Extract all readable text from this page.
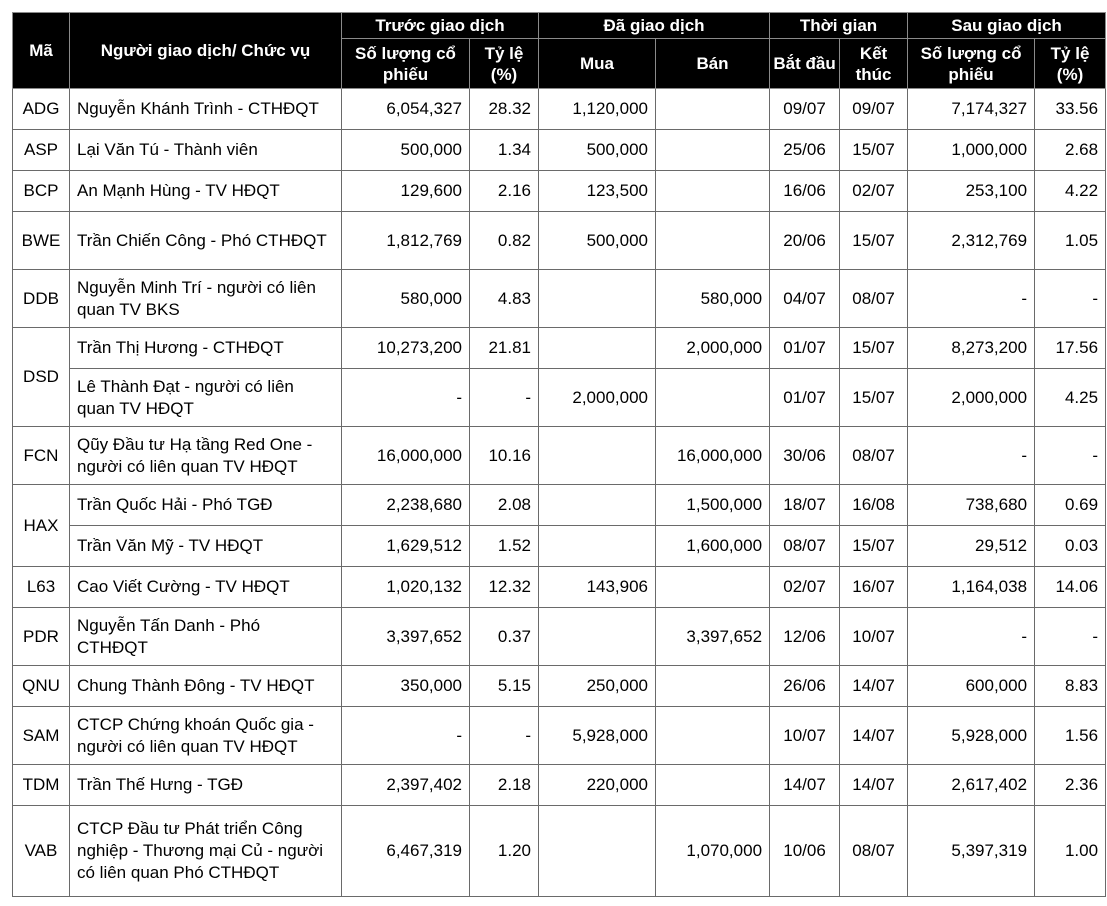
Mã	Người giao dịch/ Chức vụ	Trước giao dịch		Đã giao dịch		Thời gian		Sau giao dịch	
		Số lượng cổ phiếu	Tỷ lệ (%)	Mua	Bán	Bắt đầu	Kết thúc	Số lượng cổ phiếu	Tỷ lệ (%)
ADG	Nguyễn Khánh Trình - CTHĐQT	6,054,327	28.32	1,120,000		09/07	09/07	7,174,327	33.56
ASP	Lại Văn Tú - Thành viên	500,000	1.34	500,000		25/06	15/07	1,000,000	2.68
BCP	An Mạnh Hùng - TV HĐQT	129,600	2.16	123,500		16/06	02/07	253,100	4.22
BWE	Trần Chiến Công - Phó CTHĐQT	1,812,769	0.82	500,000		20/06	15/07	2,312,769	1.05
DDB	Nguyễn Minh Trí - người có liên quan TV BKS	580,000	4.83		580,000	04/07	08/07	-	-
DSD	Trần Thị Hương - CTHĐQT	10,273,200	21.81		2,000,000	01/07	15/07	8,273,200	17.56
	Lê Thành Đạt - người có liên quan TV HĐQT	-	-	2,000,000		01/07	15/07	2,000,000	4.25
FCN	Qũy Đầu tư Hạ tầng Red One - người có liên quan TV HĐQT	16,000,000	10.16		16,000,000	30/06	08/07	-	-
HAX	Trần Quốc Hải - Phó TGĐ	2,238,680	2.08		1,500,000	18/07	16/08	738,680	0.69
	Trần Văn Mỹ - TV HĐQT	1,629,512	1.52		1,600,000	08/07	15/07	29,512	0.03
L63	Cao Viết Cường - TV HĐQT	1,020,132	12.32	143,906		02/07	16/07	1,164,038	14.06
PDR	Nguyễn Tấn Danh - Phó CTHĐQT	3,397,652	0.37		3,397,652	12/06	10/07	-	-
QNU	Chung Thành Đông - TV HĐQT	350,000	5.15	250,000		26/06	14/07	600,000	8.83
SAM	CTCP Chứng khoán Quốc gia - người có liên quan TV HĐQT	-	-	5,928,000		10/07	14/07	5,928,000	1.56
TDM	Trần Thế Hưng - TGĐ	2,397,402	2.18	220,000		14/07	14/07	2,617,402	2.36
VAB	CTCP Đầu tư Phát triển Công nghiệp - Thương mại Củ - người có liên quan Phó CTHĐQT	6,467,319	1.20		1,070,000	10/06	08/07	5,397,319	1.00
